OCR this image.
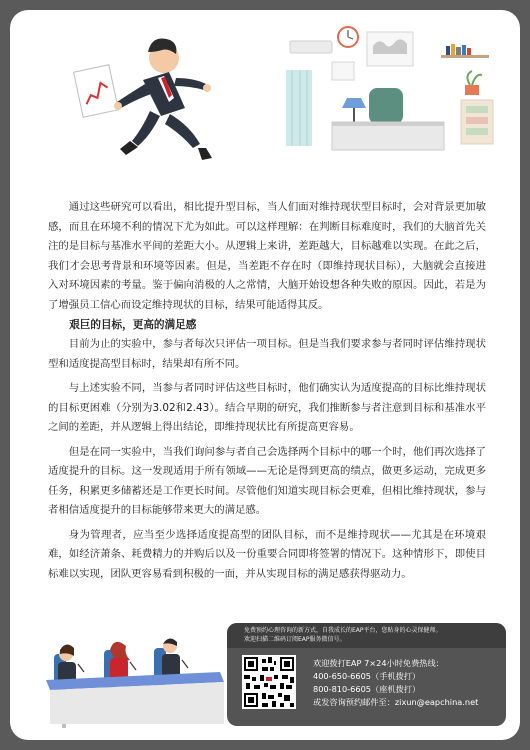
通过这些研究可以看出，相比提升型目标，当人们面对维持现状型目标时，会对背景更加敏感，而且在环境不利的情况下尤为如此。可以这样理解：在判断目标难度时，我们的大脑首先关注的是目标与基准水平间的差距大小。从逻辑上来讲，差距越大，目标越难以实现。在此之后，我们才会思考背景和环境等因素。但是，当差距不存在时（即维持现状目标），大脑就会直接进入对环境因素的考量。鉴于偏向消极的人之常情，大脑开始设想各种失败的原因。因此，若是为了增强员工信心而设定维持现状的目标，结果可能适得其反。

艰巨的目标，更高的满足感

目前为止的实验中，参与者每次只评估一项目标。但是当我们要求参与者同时评估维持现状型和适度提高型目标时，结果却有所不同。

与上述实验不同，当参与者同时评估这些目标时，他们确实认为适度提高的目标比维持现状的目标更困难（分别为3.02和2.43）。结合早期的研究，我们推断参与者注意到目标和基准水平之间的差距，并从逻辑上得出结论，即维持现状比有所提高更容易。

但是在同一实验中，当我们询问参与者自己会选择两个目标中的哪一个时，他们再次选择了适度提升的目标。这一发现适用于所有领域——无论是得到更高的绩点，做更多运动，完成更多任务，积累更多储蓄还是工作更长时间。尽管他们知道实现目标会更难，但相比维持现状，参与者相信适度提升的目标能够带来更大的满足感。

身为管理者，应当至少选择适度提高型的团队目标，而不是维持现状——尤其是在环境艰难，如经济萧条、耗费精力的并购后以及一份重要合同即将签署的情况下。这种情形下，即使目标难以实现，团队更容易看到积极的一面，并从实现目标的满足感获得驱动力。

免费预约心理咨询的新方式，自我成长的EAP平台，您贴身的心灵保健师。
欢迎扫描二维码订阅EAP服务微信号。
欢迎拨打EAP 7×24小时免费热线：
400-650-6605（手机拨打）
800-810-6605（座机拨打）
或发咨询预约邮件至：zixun@eapchina.net
